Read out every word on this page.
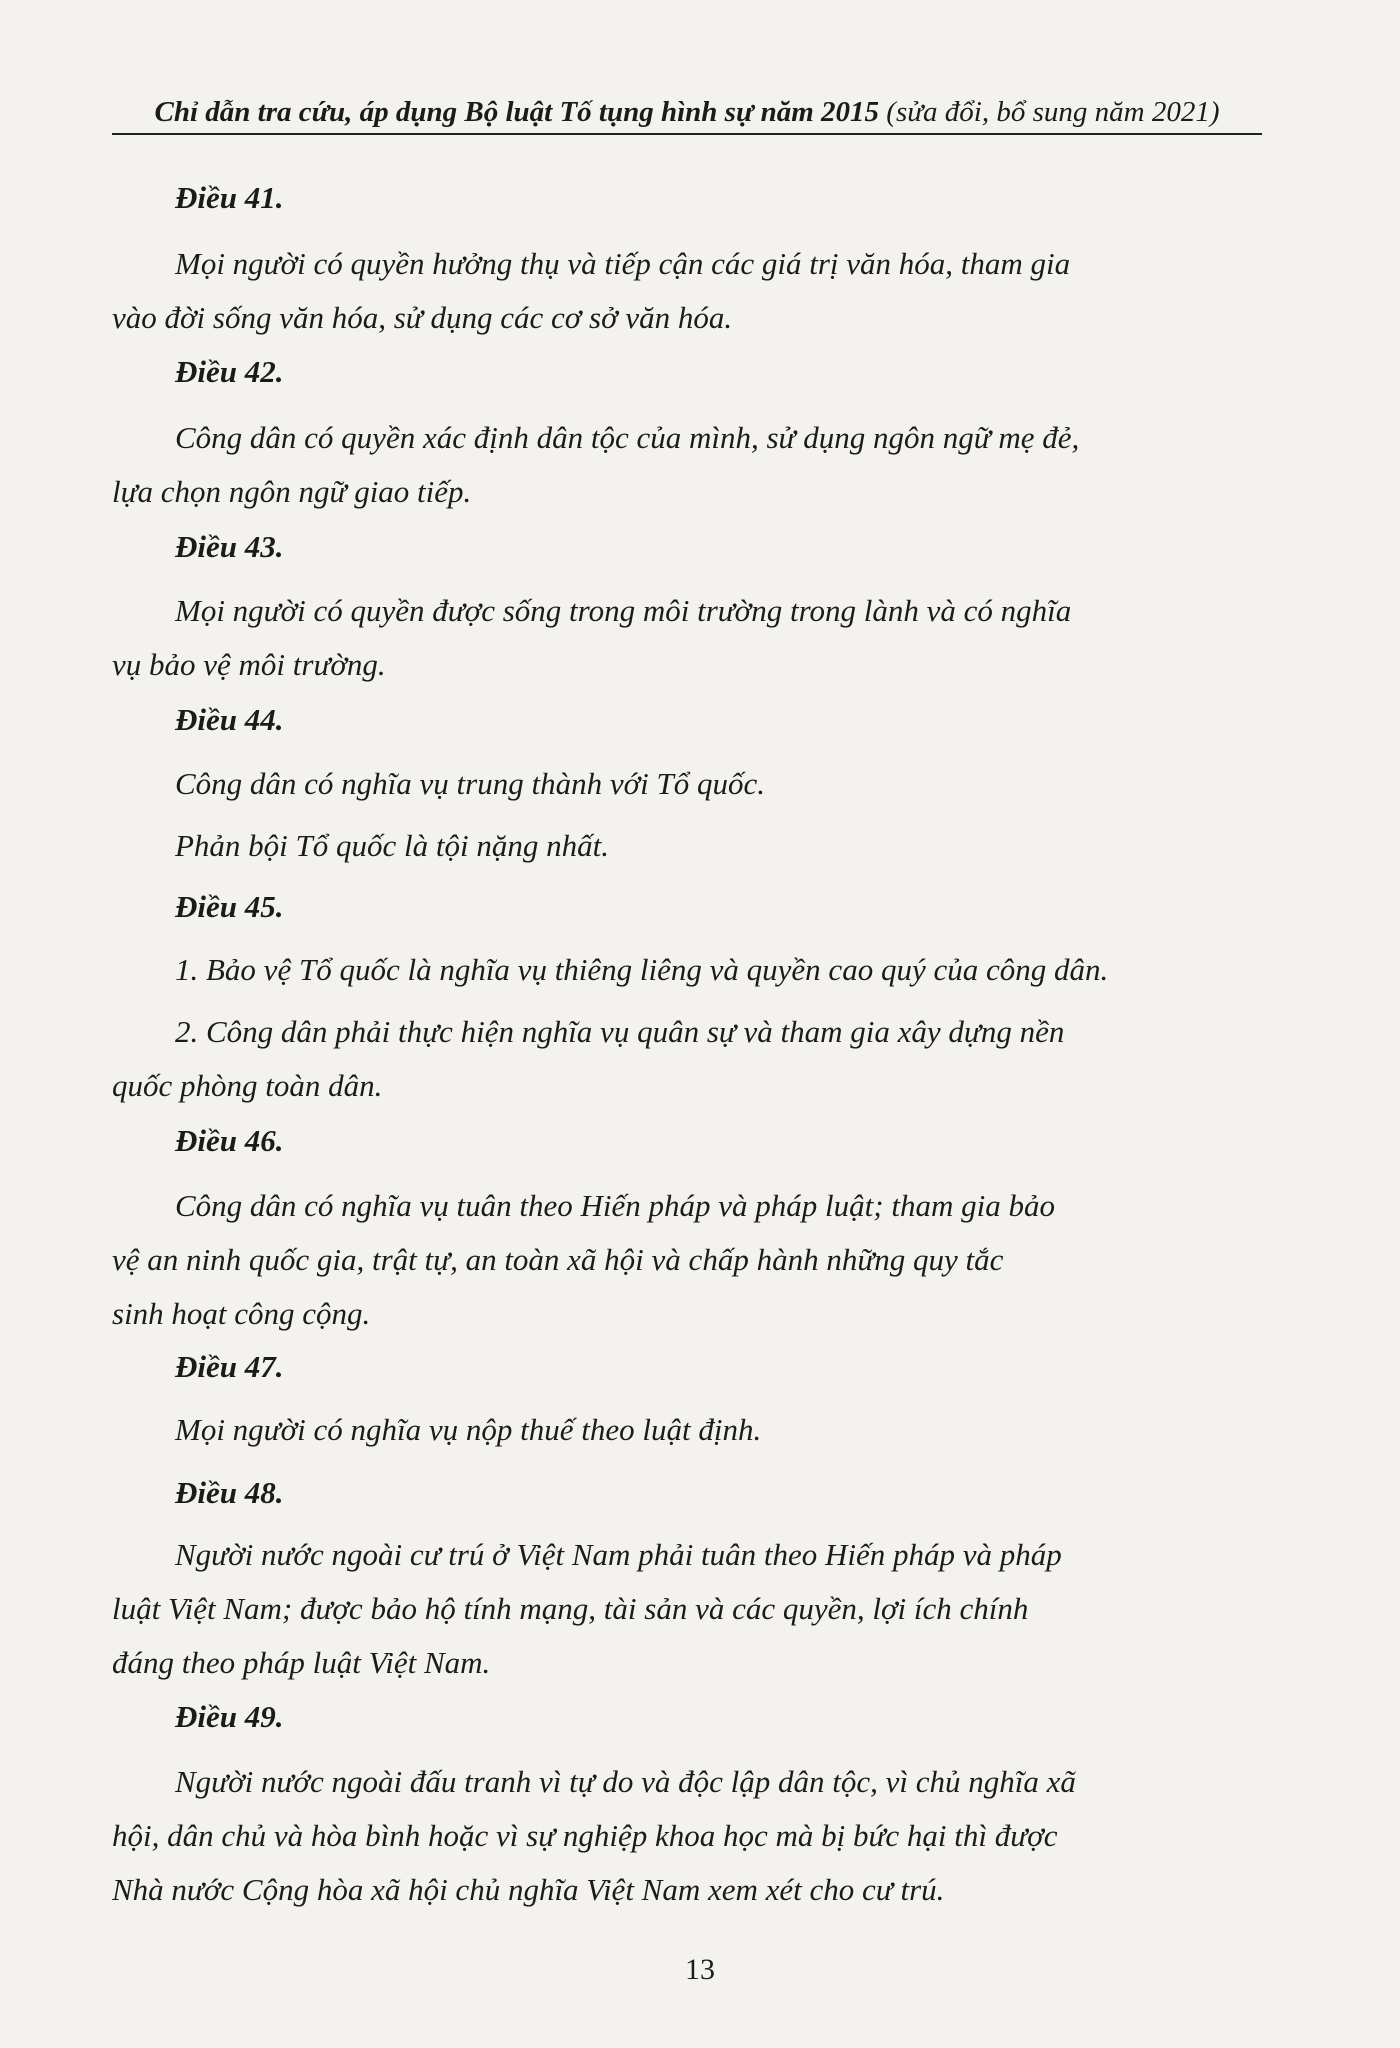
Chỉ dẫn tra cứu, áp dụng Bộ luật Tố tụng hình sự năm 2015 (sửa đổi, bổ sung năm 2021)
Điều 41.
Mọi người có quyền hưởng thụ và tiếp cận các giá trị văn hóa, tham gia
vào đời sống văn hóa, sử dụng các cơ sở văn hóa.
Điều 42.
Công dân có quyền xác định dân tộc của mình, sử dụng ngôn ngữ mẹ đẻ,
lựa chọn ngôn ngữ giao tiếp.
Điều 43.
Mọi người có quyền được sống trong môi trường trong lành và có nghĩa
vụ bảo vệ môi trường.
Điều 44.
Công dân có nghĩa vụ trung thành với Tổ quốc.
Phản bội Tổ quốc là tội nặng nhất.
Điều 45.
1. Bảo vệ Tổ quốc là nghĩa vụ thiêng liêng và quyền cao quý của công dân.
2. Công dân phải thực hiện nghĩa vụ quân sự và tham gia xây dựng nền
quốc phòng toàn dân.
Điều 46.
Công dân có nghĩa vụ tuân theo Hiến pháp và pháp luật; tham gia bảo
vệ an ninh quốc gia, trật tự, an toàn xã hội và chấp hành những quy tắc
sinh hoạt công cộng.
Điều 47.
Mọi người có nghĩa vụ nộp thuế theo luật định.
Điều 48.
Người nước ngoài cư trú ở Việt Nam phải tuân theo Hiến pháp và pháp
luật Việt Nam; được bảo hộ tính mạng, tài sản và các quyền, lợi ích chính
đáng theo pháp luật Việt Nam.
Điều 49.
Người nước ngoài đấu tranh vì tự do và độc lập dân tộc, vì chủ nghĩa xã
hội, dân chủ và hòa bình hoặc vì sự nghiệp khoa học mà bị bức hại thì được
Nhà nước Cộng hòa xã hội chủ nghĩa Việt Nam xem xét cho cư trú.
13
